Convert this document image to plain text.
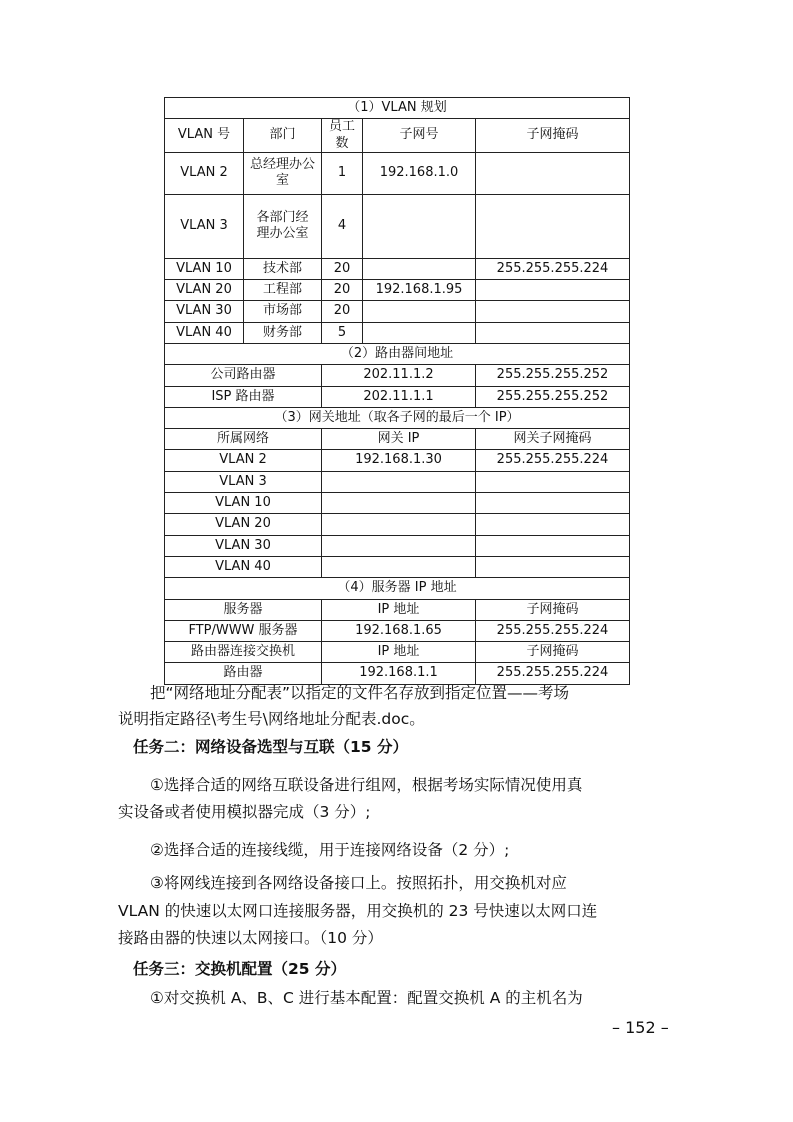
（1）VLAN 规划				
VLAN 号	部门	员工数	子网号	子网掩码
VLAN 2	总经理办公室	1	192.168.1.0	
VLAN 3	各部门经理办公室	4		
VLAN 10	技术部	20		255.255.255.224
VLAN 20	工程部	20	192.168.1.95	
VLAN 30	市场部	20		
VLAN 40	财务部	5		
（2）路由器间地址				
公司路由器		202.11.1.2		255.255.255.252
ISP 路由器		202.11.1.1		255.255.255.252
（3）网关地址（取各子网的最后一个 IP）				
所属网络		网关 IP		网关子网掩码
VLAN 2		192.168.1.30		255.255.255.224
VLAN 3				
VLAN 10				
VLAN 20				
VLAN 30				
VLAN 40				
（4）服务器 IP 地址				
服务器		IP 地址		子网掩码
FTP/WWW 服务器		192.168.1.65		255.255.255.224
路由器连接交换机		IP 地址		子网掩码
路由器		192.168.1.1		255.255.255.224
把“网络地址分配表”以指定的文件名存放到指定位置——考场
说明指定路径\考生号\网络地址分配表.doc。
任务二：网络设备选型与互联（15 分）
①选择合适的网络互联设备进行组网，根据考场实际情况使用真
实设备或者使用模拟器完成（3 分）;
②选择合适的连接线缆，用于连接网络设备（2 分）;
③将网线连接到各网络设备接口上。按照拓扑，用交换机对应
VLAN 的快速以太网口连接服务器，用交换机的 23 号快速以太网口连
接路由器的快速以太网接口。（10 分）
任务三：交换机配置（25 分）
①对交换机 A、B、C 进行基本配置：配置交换机 A 的主机名为
– 152 –
